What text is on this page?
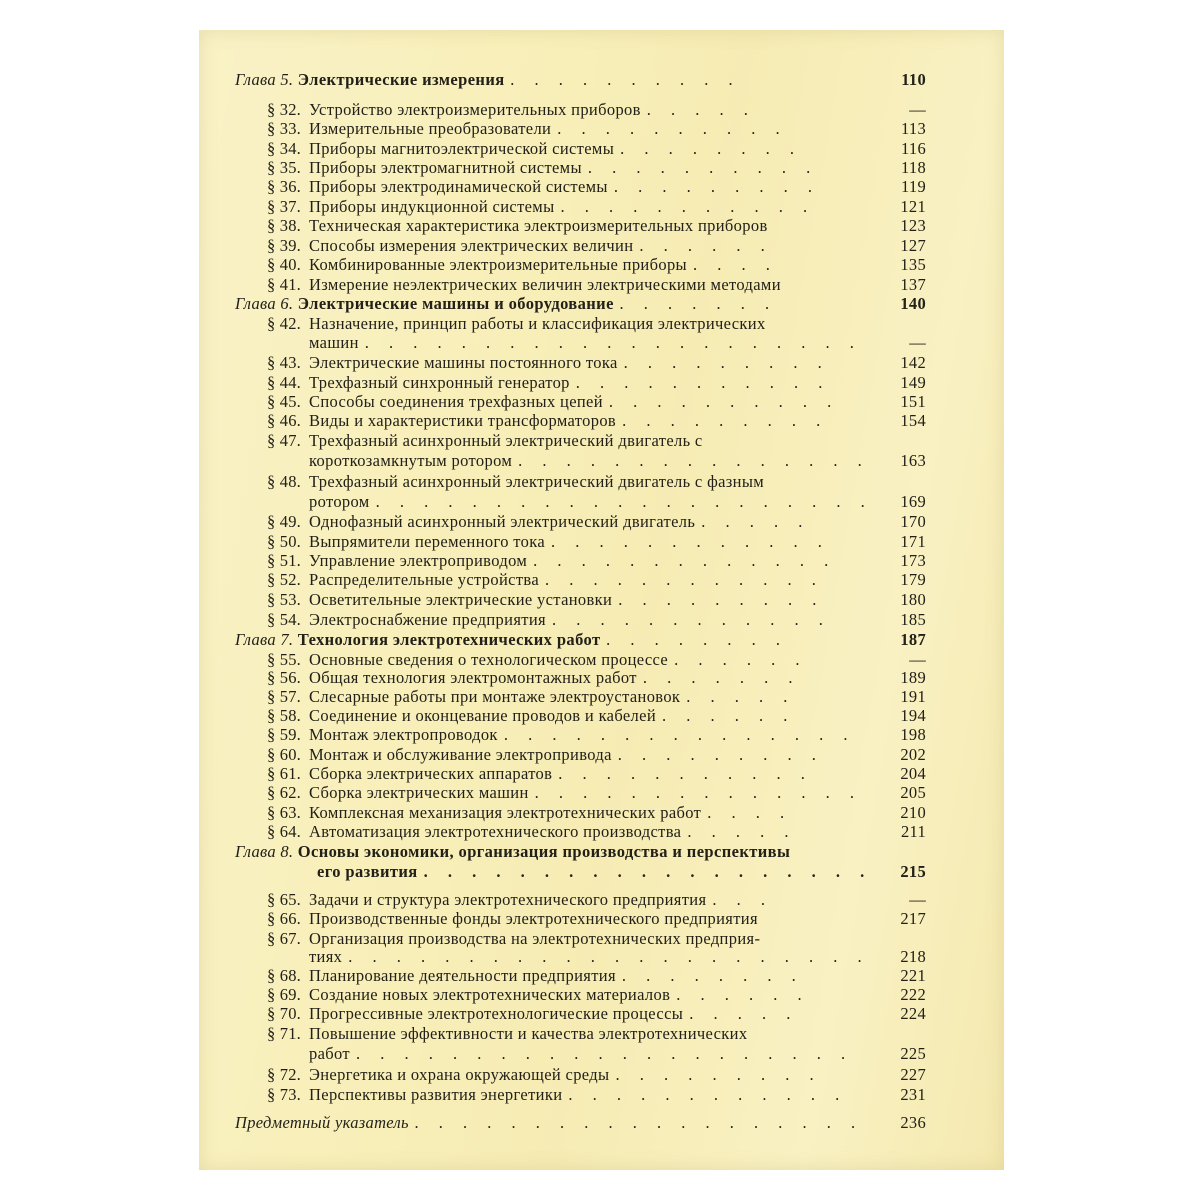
Глава 5. Электрические измерения . . . . . . . . . .	110
§ 32. Устройство электроизмерительных приборов . . . . .	—
§ 33. Измерительные преобразователи . . . . . . . . . .	113
§ 34. Приборы магнитоэлектрической системы . . . . . . . .	116
§ 35. Приборы электромагнитной системы . . . . . . . . . .	118
§ 36. Приборы электродинамической системы . . . . . . . . .	119
§ 37. Приборы индукционной системы . . . . . . . . . . .	121
§ 38. Техническая характеристика электроизмерительных приборов	123
§ 39. Способы измерения электрических величин . . . . . .	127
§ 40. Комбинированные электроизмерительные приборы . . . .	135
§ 41. Измерение неэлектрических величин электрическими методами	137
Глава 6. Электрические машины и оборудование . . . . . . .	140
§ 42. Назначение, принцип работы и классификация электрических
машин . . . . . . . . . . . . . . . . . . . . .	—
§ 43. Электрические машины постоянного тока . . . . . . . . .	142
§ 44. Трехфазный синхронный генератор . . . . . . . . . . .	149
§ 45. Способы соединения трехфазных цепей . . . . . . . . . .	151
§ 46. Виды и характеристики трансформаторов . . . . . . . . .	154
§ 47. Трехфазный асинхронный электрический двигатель с
короткозамкнутым ротором . . . . . . . . . . . . . . .	163
§ 48. Трехфазный асинхронный электрический двигатель с фазным
ротором . . . . . . . . . . . . . . . . . . . . .	169
§ 49. Однофазный асинхронный электрический двигатель . . . . .	170
§ 50. Выпрямители переменного тока . . . . . . . . . . . .	171
§ 51. Управление электроприводом . . . . . . . . . . . . .	173
§ 52. Распределительные устройства . . . . . . . . . . . .	179
§ 53. Осветительные электрические установки . . . . . . . . .	180
§ 54. Электроснабжение предприятия . . . . . . . . . . . .	185
Глава 7. Технология электротехнических работ . . . . . . . .	187
§ 55. Основные сведения о технологическом процессе . . . . . .	—
§ 56. Общая технология электромонтажных работ . . . . . . .	189
§ 57. Слесарные работы при монтаже электроустановок . . . . .	191
§ 58. Соединение и оконцевание проводов и кабелей . . . . . .	194
§ 59. Монтаж электропроводок . . . . . . . . . . . . . . .	198
§ 60. Монтаж и обслуживание электропривода . . . . . . . . .	202
§ 61. Сборка электрических аппаратов . . . . . . . . . . .	204
§ 62. Сборка электрических машин . . . . . . . . . . . . . .	205
§ 63. Комплексная механизация электротехнических работ . . . .	210
§ 64. Автоматизация электротехнического производства . . . . .	211
Глава 8. Основы экономики, организация производства и перспективы
его развития . . . . . . . . . . . . . . . . . . .	215
§ 65. Задачи и структура электротехнического предприятия . . .	—
§ 66. Производственные фонды электротехнического предприятия	217
§ 67. Организация производства на электротехнических предприя-
тиях . . . . . . . . . . . . . . . . . . . . . .	218
§ 68. Планирование деятельности предприятия . . . . . . . .	221
§ 69. Создание новых электротехнических материалов . . . . . .	222
§ 70. Прогрессивные электротехнологические процессы . . . . .	224
§ 71. Повышение эффективности и качества электротехнических
работ . . . . . . . . . . . . . . . . . . . . .	225
§ 72. Энергетика и охрана окружающей среды . . . . . . . . .	227
§ 73. Перспективы развития энергетики . . . . . . . . . . . .	231
Предметный указатель . . . . . . . . . . . . . . . . . . .	236
